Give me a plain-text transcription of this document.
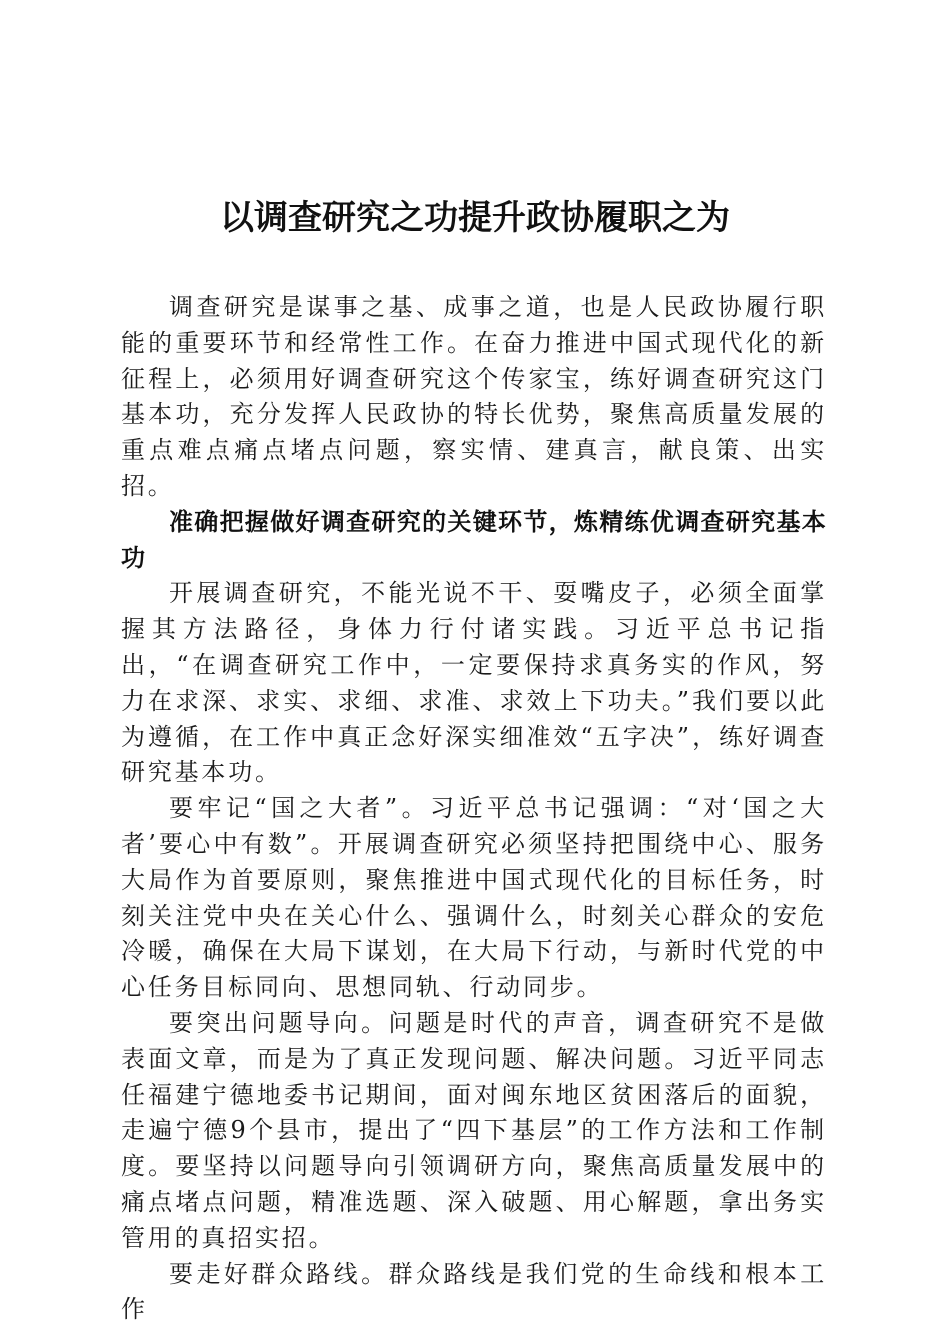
以调查研究之功提升政协履职之为

调查研究是谋事之基、成事之道，也是人民政协履行职能的重要环节和经常性工作。在奋力推进中国式现代化的新征程上，必须用好调查研究这个传家宝，练好调查研究这门基本功，充分发挥人民政协的特长优势，聚焦高质量发展的重点难点痛点堵点问题，察实情、建真言，献良策、出实招。

准确把握做好调查研究的关键环节，炼精练优调查研究基本功

开展调查研究，不能光说不干、耍嘴皮子，必须全面掌握其方法路径，身体力行付诸实践。习近平总书记指出，“在调查研究工作中，一定要保持求真务实的作风，努力在求深、求实、求细、求准、求效上下功夫。”我们要以此为遵循，在工作中真正念好深实细准效“五字决”，练好调查研究基本功。

要牢记“国之大者”。习近平总书记强调：“对‘国之大者’要心中有数”。开展调查研究必须坚持把围绕中心、服务大局作为首要原则，聚焦推进中国式现代化的目标任务，时刻关注党中央在关心什么、强调什么，时刻关心群众的安危冷暖，确保在大局下谋划，在大局下行动，与新时代党的中心任务目标同向、思想同轨、行动同步。

要突出问题导向。问题是时代的声音，调查研究不是做表面文章，而是为了真正发现问题、解决问题。习近平同志任福建宁德地委书记期间，面对闽东地区贫困落后的面貌，走遍宁德9个县市，提出了“四下基层”的工作方法和工作制度。要坚持以问题导向引领调研方向，聚焦高质量发展中的痛点堵点问题，精准选题、深入破题、用心解题，拿出务实管用的真招实招。

要走好群众路线。群众路线是我们党的生命线和根本工作
